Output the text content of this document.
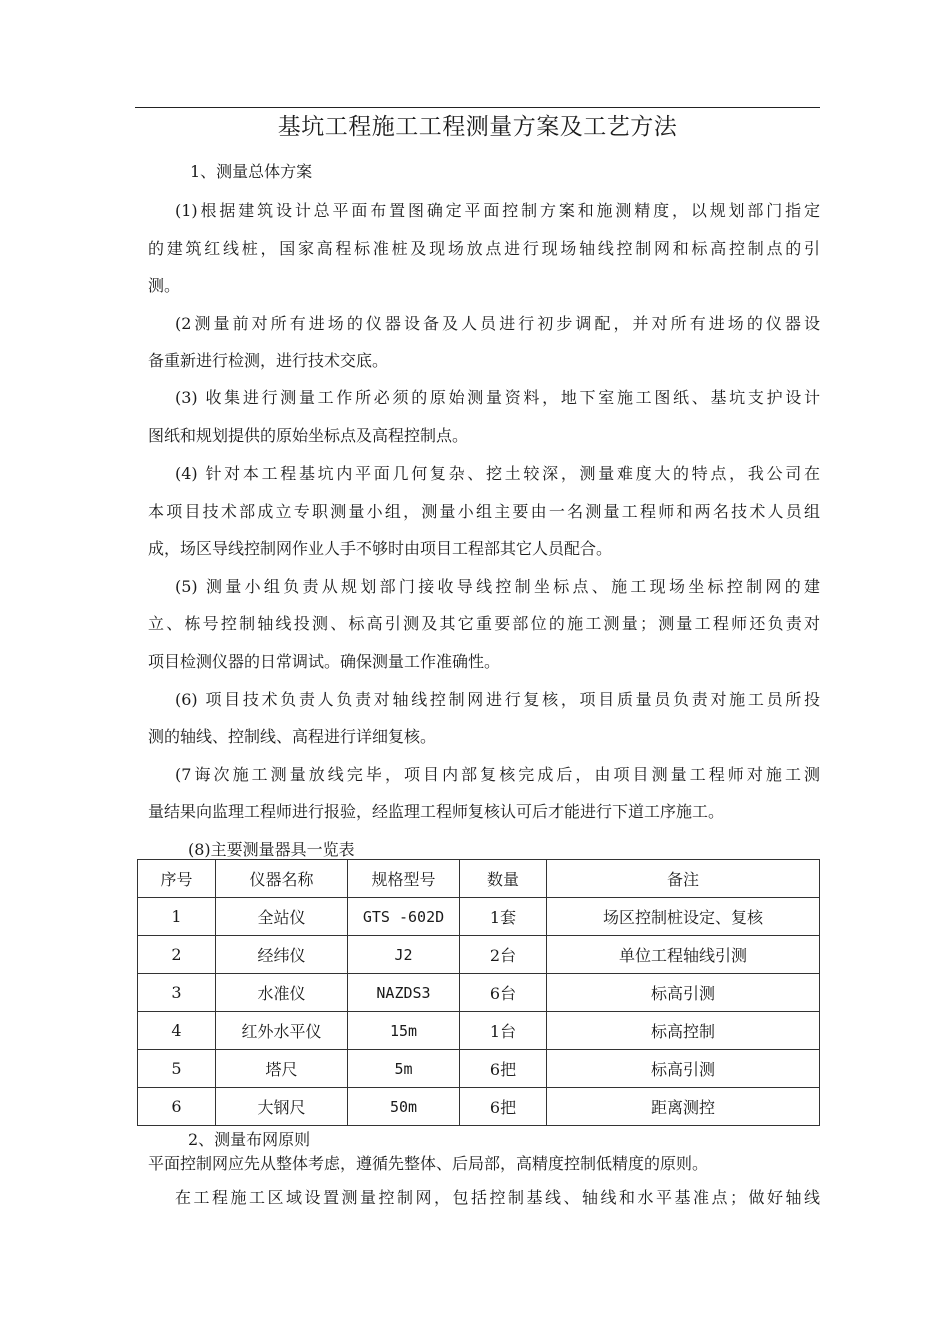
基坑工程施工工程测量方案及工艺方法
1、测量总体方案
(1)根据建筑设计总平面布置图确定平面控制方案和施测精度，以规划部门指定
的建筑红线桩，国家高程标准桩及现场放点进行现场轴线控制网和标高控制点的引
测。
(2测量前对所有进场的仪器设备及人员进行初步调配，并对所有进场的仪器设
备重新进行检测，进行技术交底。
(3) 收集进行测量工作所必须的原始测量资料，地下室施工图纸、基坑支护设计
图纸和规划提供的原始坐标点及高程控制点。
(4) 针对本工程基坑内平面几何复杂、挖土较深，测量难度大的特点，我公司在
本项目技术部成立专职测量小组，测量小组主要由一名测量工程师和两名技术人员组
成，场区导线控制网作业人手不够时由项目工程部其它人员配合。
(5) 测量小组负责从规划部门接收导线控制坐标点、施工现场坐标控制网的建
立、栋号控制轴线投测、标高引测及其它重要部位的施工测量；测量工程师还负责对
项目检测仪器的日常调试。确保测量工作准确性。
(6) 项目技术负责人负责对轴线控制网进行复核，项目质量员负责对施工员所投
测的轴线、控制线、高程进行详细复核。
(7诲次施工测量放线完毕，项目内部复核完成后，由项目测量工程师对施工测
量结果向监理工程师进行报验，经监理工程师复核认可后才能进行下道工序施工。
(8)主要测量器具一览表
序号	仪器名称	规格型号	数量	备注
1	全站仪	GTS -602D	1套	场区控制桩设定、复核
2	经纬仪	J2	2台	单位工程轴线引测
3	水准仪	NAZDS3	6台	标高引测
4	红外水平仪	15m	1台	标高控制
5	塔尺	5m	6把	标高引测
6	大钢尺	50m	6把	距离测控
2、测量布网原则
平面控制网应先从整体考虑，遵循先整体、后局部，高精度控制低精度的原则。
在工程施工区域设置测量控制网，包括控制基线、轴线和水平基准点；做好轴线
